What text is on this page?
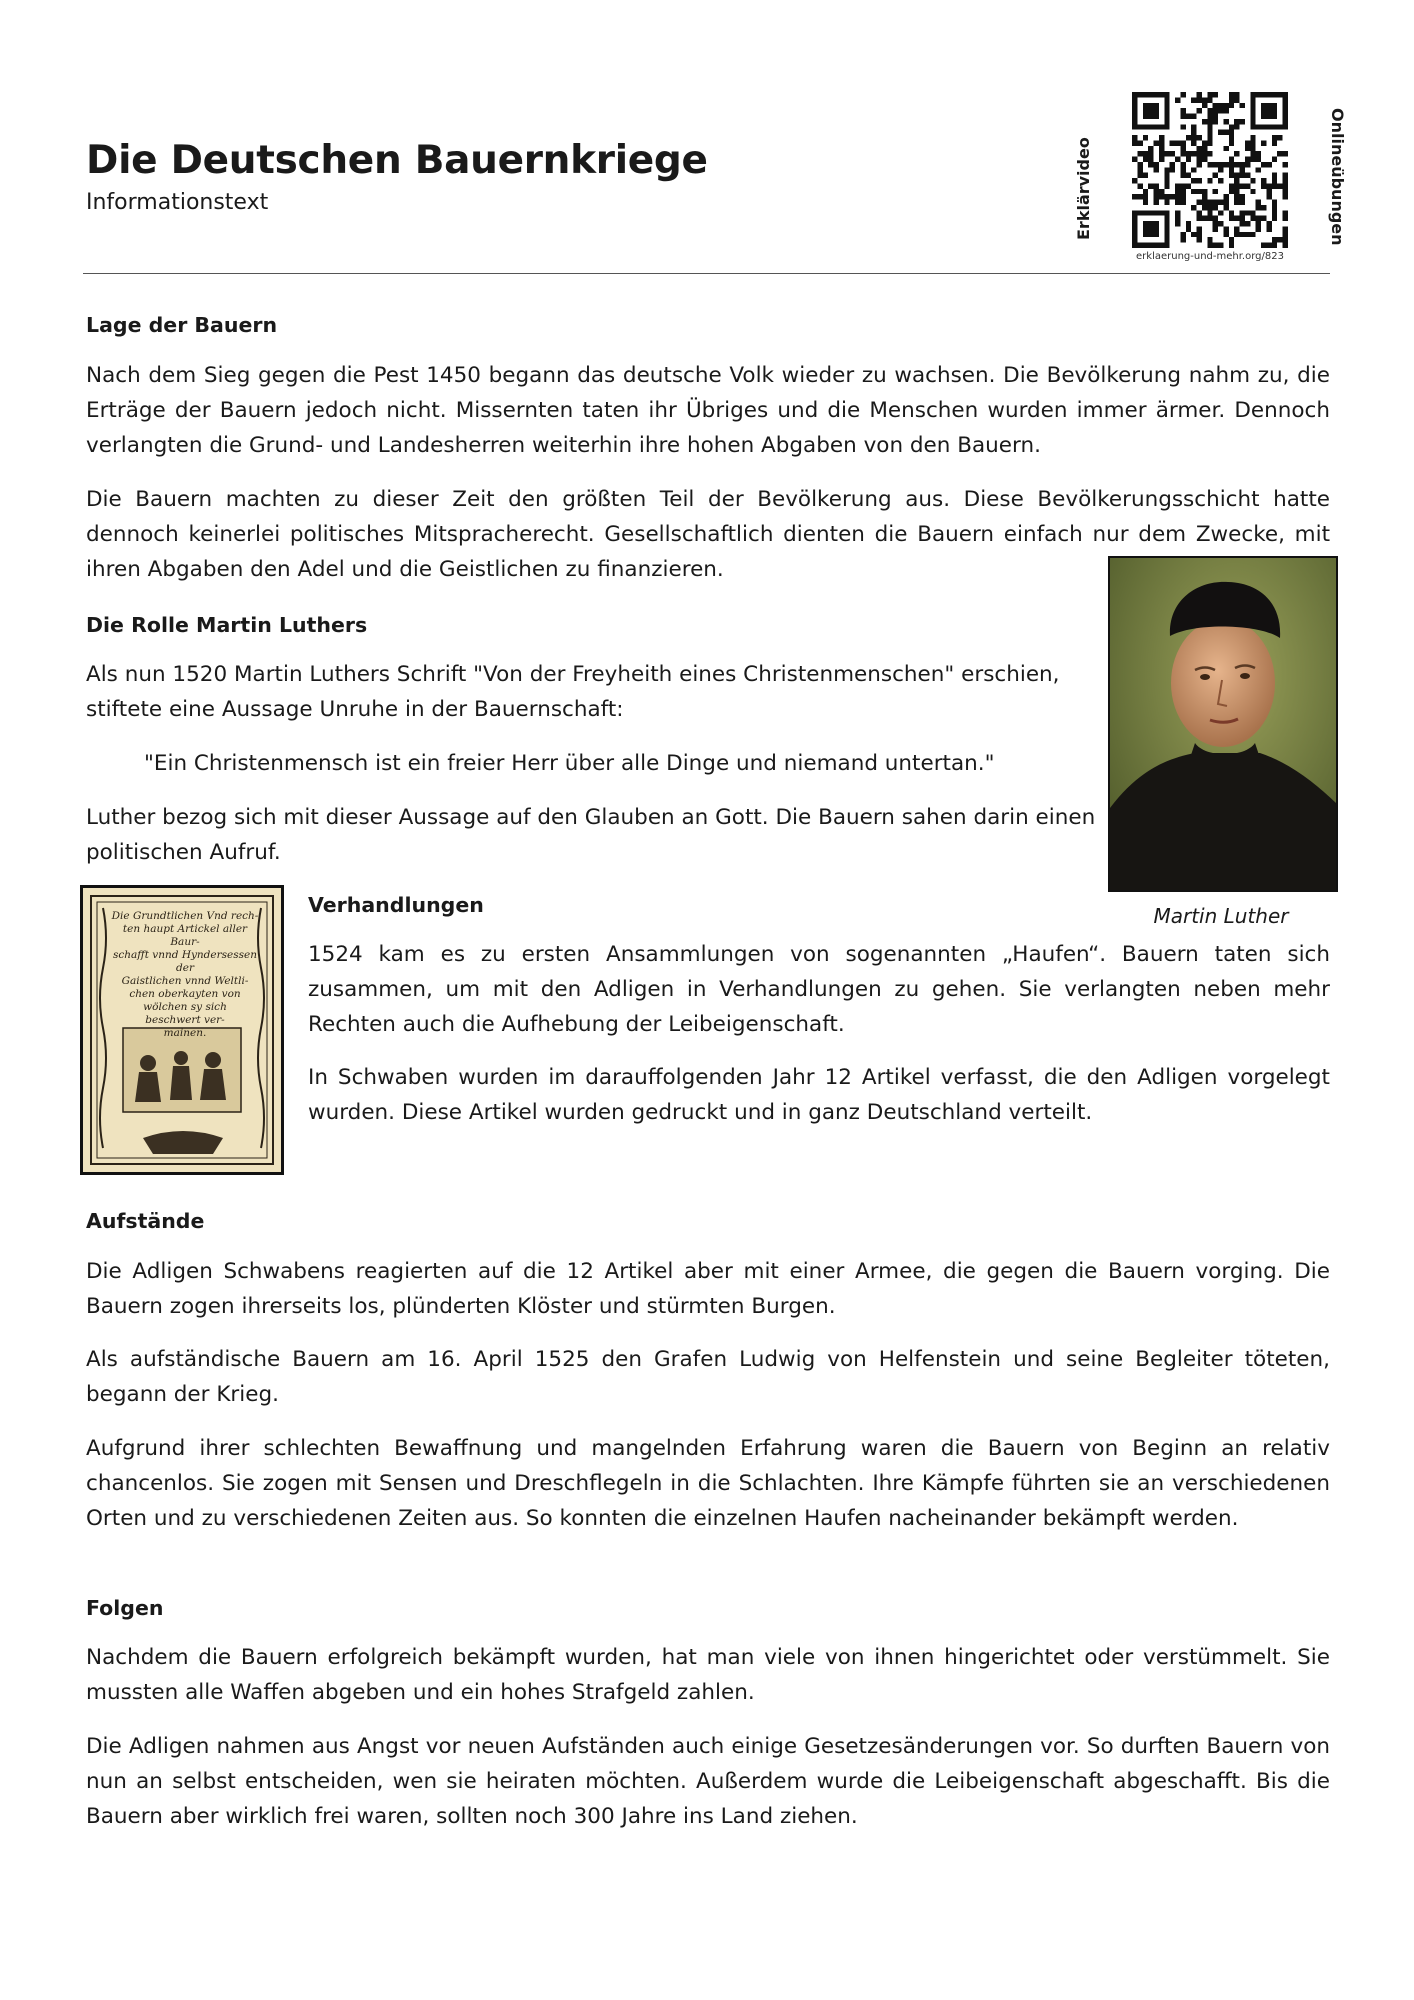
Die Deutschen Bauernkriege

Informationstext	Erklärvideo	Onlineübungen
erklaerung-und-mehr.org/823
Lage der Bauern

Nach dem Sieg gegen die Pest 1450 begann das deutsche Volk wieder zu wachsen. Die Bevölkerung nahm zu, die Erträge der Bauern jedoch nicht. Missernten taten ihr Übriges und die Menschen wurden immer ärmer. Dennoch verlangten die Grund- und Landesherren weiterhin ihre hohen Abgaben von den Bauern.

Die Bauern machten zu dieser Zeit den größten Teil der Bevölkerung aus. Diese Bevölkerungsschicht hatte dennoch keinerlei politisches Mitspracherecht. Gesellschaftlich dienten die Bauern einfach nur dem Zwecke, mit ihren Abgaben den Adel und die Geistlichen zu finanzieren.

Die Rolle Martin Luthers

Als nun 1520 Martin Luthers Schrift "Von der Freyheith eines Christenmenschen" erschien, stiftete eine Aussage Unruhe in der Bauernschaft:

"Ein Christenmensch ist ein freier Herr über alle Dinge und niemand untertan."

Luther bezog sich mit dieser Aussage auf den Glauben an Gott. Die Bauern sahen darin einen politischen Aufruf.

Martin Luther
Die Grundtlichen Vnd rech-
ten haupt Artickel aller Baur-
schafft vnnd Hyndersessen der
Gaistlichen vnnd Weltli-
chen oberkayten von
wölchen sy sich
beschwert ver-
mainen.
Verhandlungen

1524 kam es zu ersten Ansammlungen von sogenannten „Haufen“. Bauern taten sich zusammen, um mit den Adligen in Verhandlungen zu gehen. Sie verlangten neben mehr Rechten auch die Aufhebung der Leibeigenschaft.

In Schwaben wurden im darauffolgenden Jahr 12 Artikel verfasst, die den Adligen vorgelegt wurden. Diese Artikel wurden gedruckt und in ganz Deutschland verteilt.

Aufstände

Die Adligen Schwabens reagierten auf die 12 Artikel aber mit einer Armee, die gegen die Bauern vorging. Die Bauern zogen ihrerseits los, plünderten Klöster und stürmten Burgen.

Als aufständische Bauern am 16. April 1525 den Grafen Ludwig von Helfenstein und seine Begleiter töteten, begann der Krieg.

Aufgrund ihrer schlechten Bewaffnung und mangelnden Erfahrung waren die Bauern von Beginn an relativ chancenlos. Sie zogen mit Sensen und Dreschflegeln in die Schlachten. Ihre Kämpfe führten sie an verschiedenen Orten und zu verschiedenen Zeiten aus. So konnten die einzelnen Haufen nacheinander bekämpft werden.

Folgen

Nachdem die Bauern erfolgreich bekämpft wurden, hat man viele von ihnen hingerichtet oder verstümmelt. Sie mussten alle Waffen abgeben und ein hohes Strafgeld zahlen.

Die Adligen nahmen aus Angst vor neuen Aufständen auch einige Gesetzesänderungen vor. So durften Bauern von nun an selbst entscheiden, wen sie heiraten möchten. Außerdem wurde die Leibeigenschaft abgeschafft. Bis die Bauern aber wirklich frei waren, sollten noch 300 Jahre ins Land ziehen.
